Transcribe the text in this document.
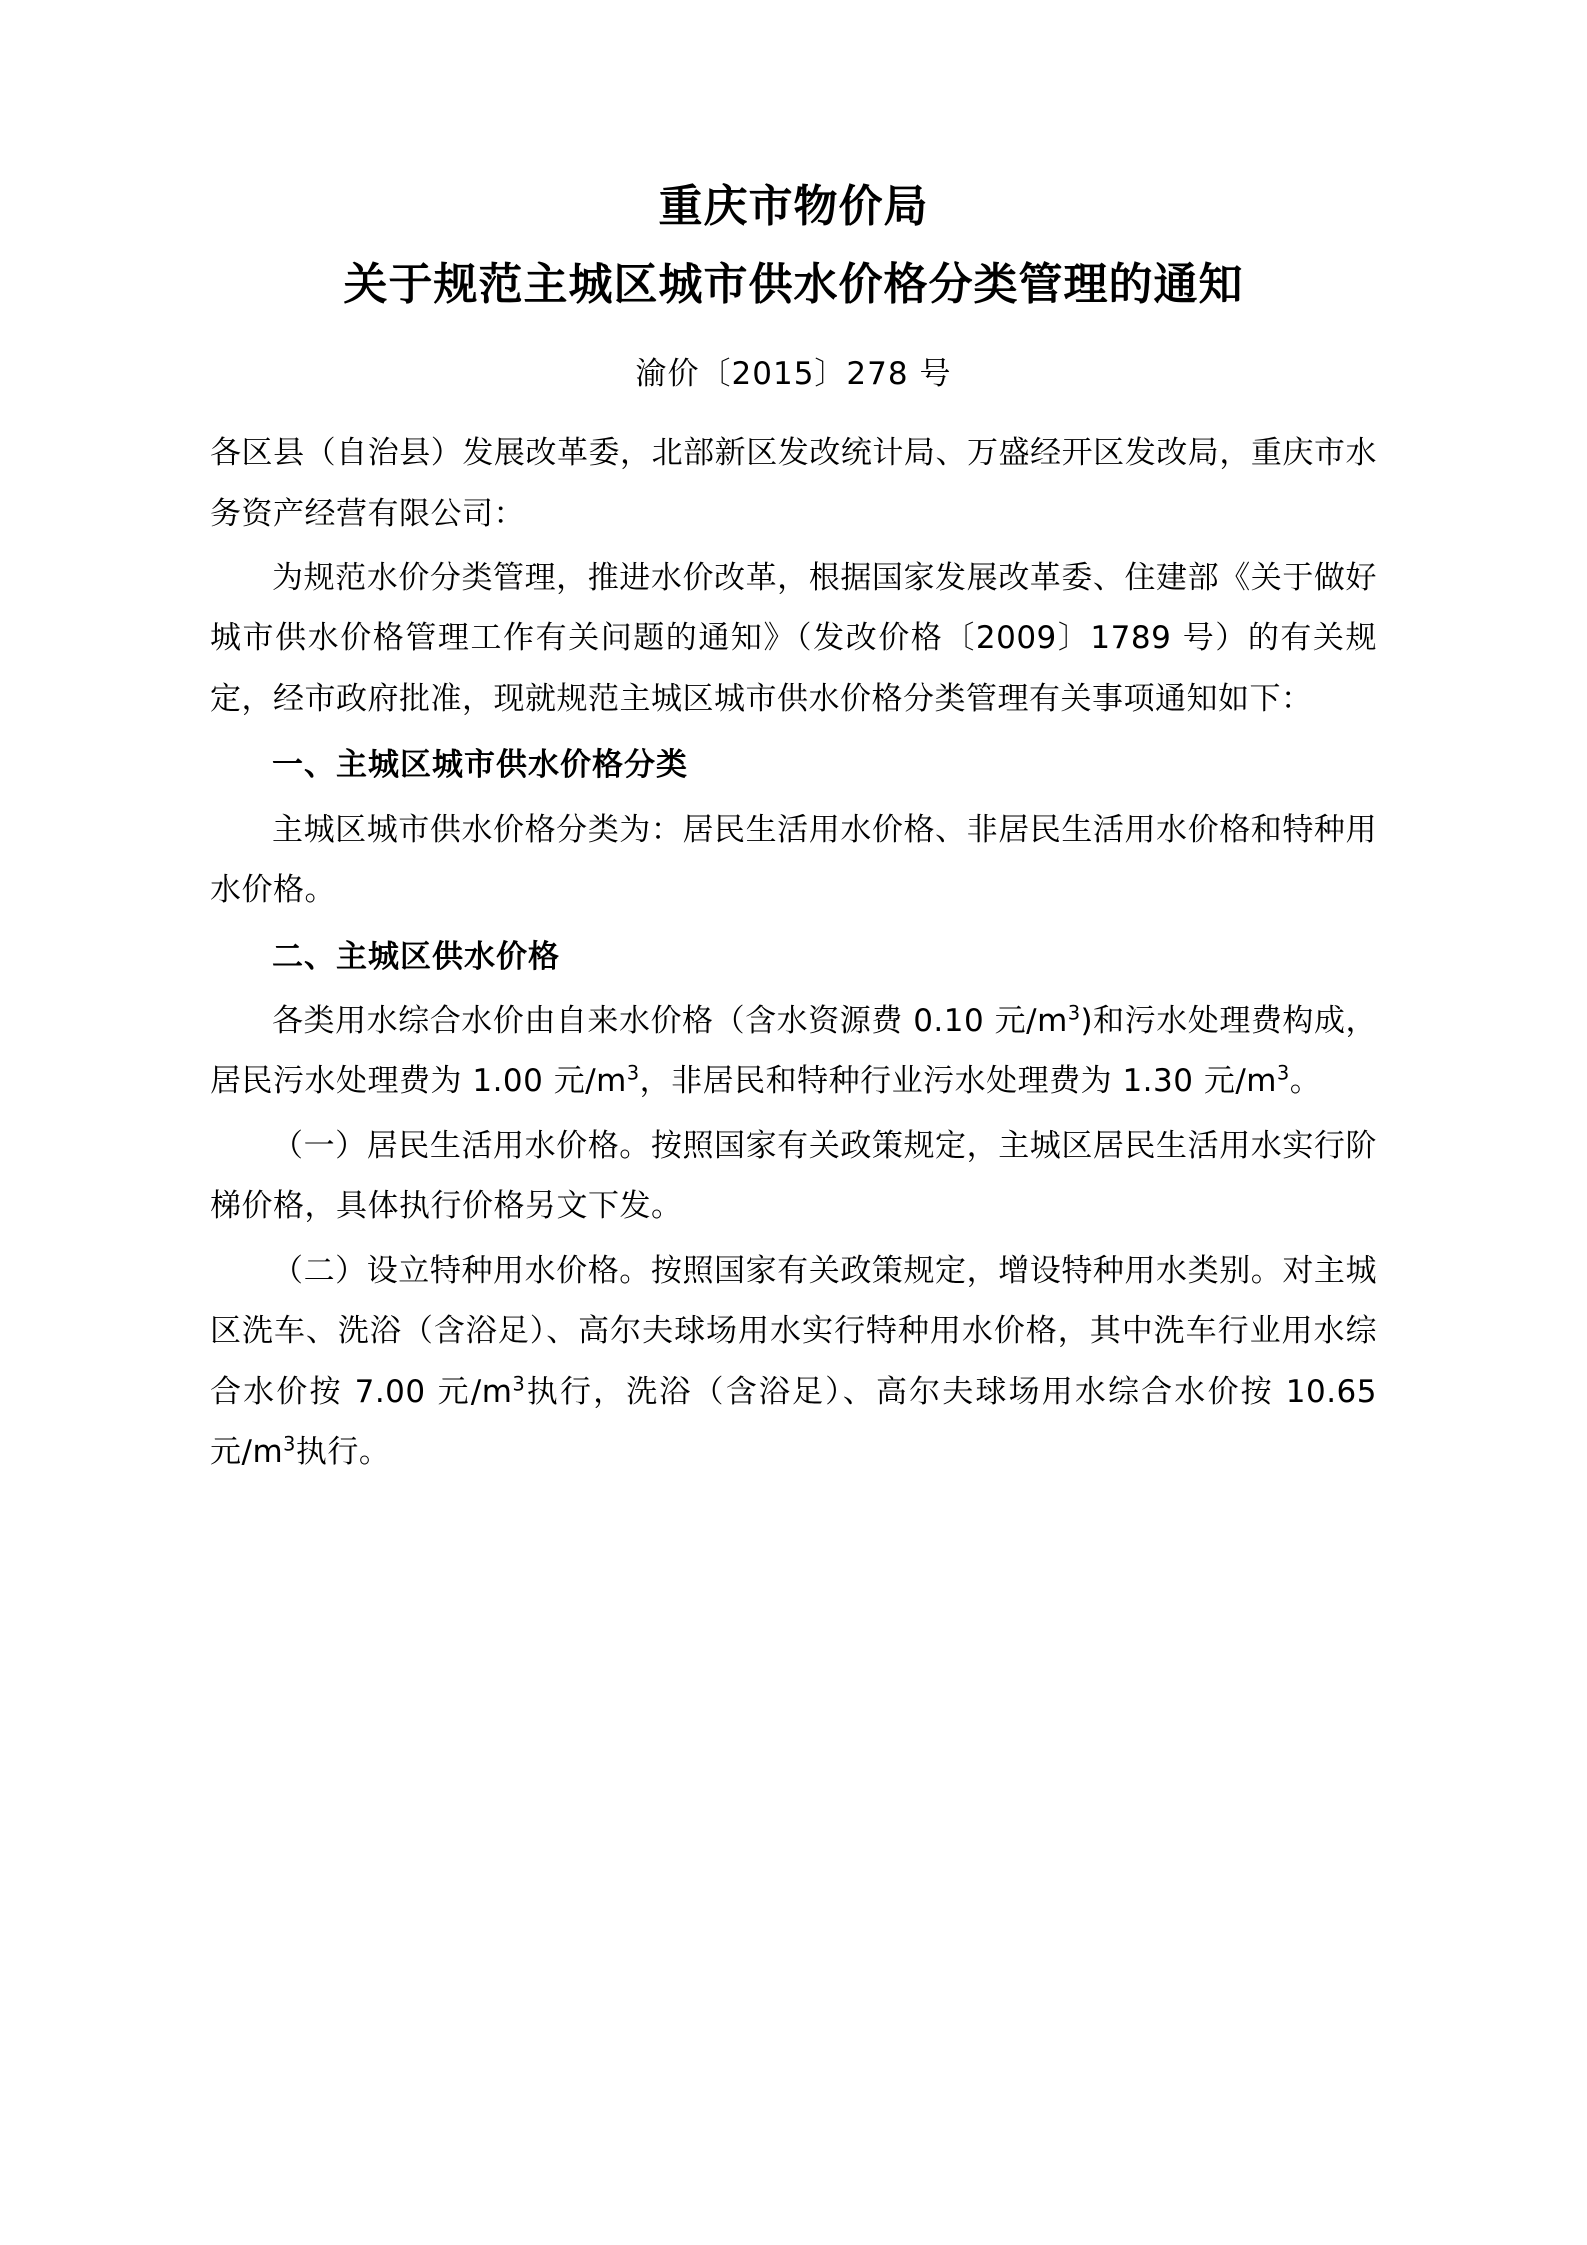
重庆市物价局
关于规范主城区城市供水价格分类管理的通知
渝价〔2015〕278 号

各区县（自治县）发展改革委，北部新区发改统计局、万盛经开区发改局，重庆市水务资产经营有限公司：

为规范水价分类管理，推进水价改革，根据国家发展改革委、住建部《关于做好城市供水价格管理工作有关问题的通知》（发改价格〔2009〕1789 号）的有关规定，经市政府批准，现就规范主城区城市供水价格分类管理有关事项通知如下：

一、主城区城市供水价格分类

主城区城市供水价格分类为：居民生活用水价格、非居民生活用水价格和特种用水价格。

二、主城区供水价格

各类用水综合水价由自来水价格（含水资源费 0.10 元$/m^3$)和污水处理费构成，居民污水处理费为 1.00 元$/m^3$，非居民和特种行业污水处理费为 1.30 元$/m^3$。

（一）居民生活用水价格。按照国家有关政策规定，主城区居民生活用水实行阶梯价格，具体执行价格另文下发。

（二）设立特种用水价格。按照国家有关政策规定，增设特种用水类别。对主城区洗车、洗浴（含浴足）、高尔夫球场用水实行特种用水价格，其中洗车行业用水综合水价按 7.00 元$/m^3$执行，洗浴（含浴足）、高尔夫球场用水综合水价按 10.65 元$/m^3$执行。
